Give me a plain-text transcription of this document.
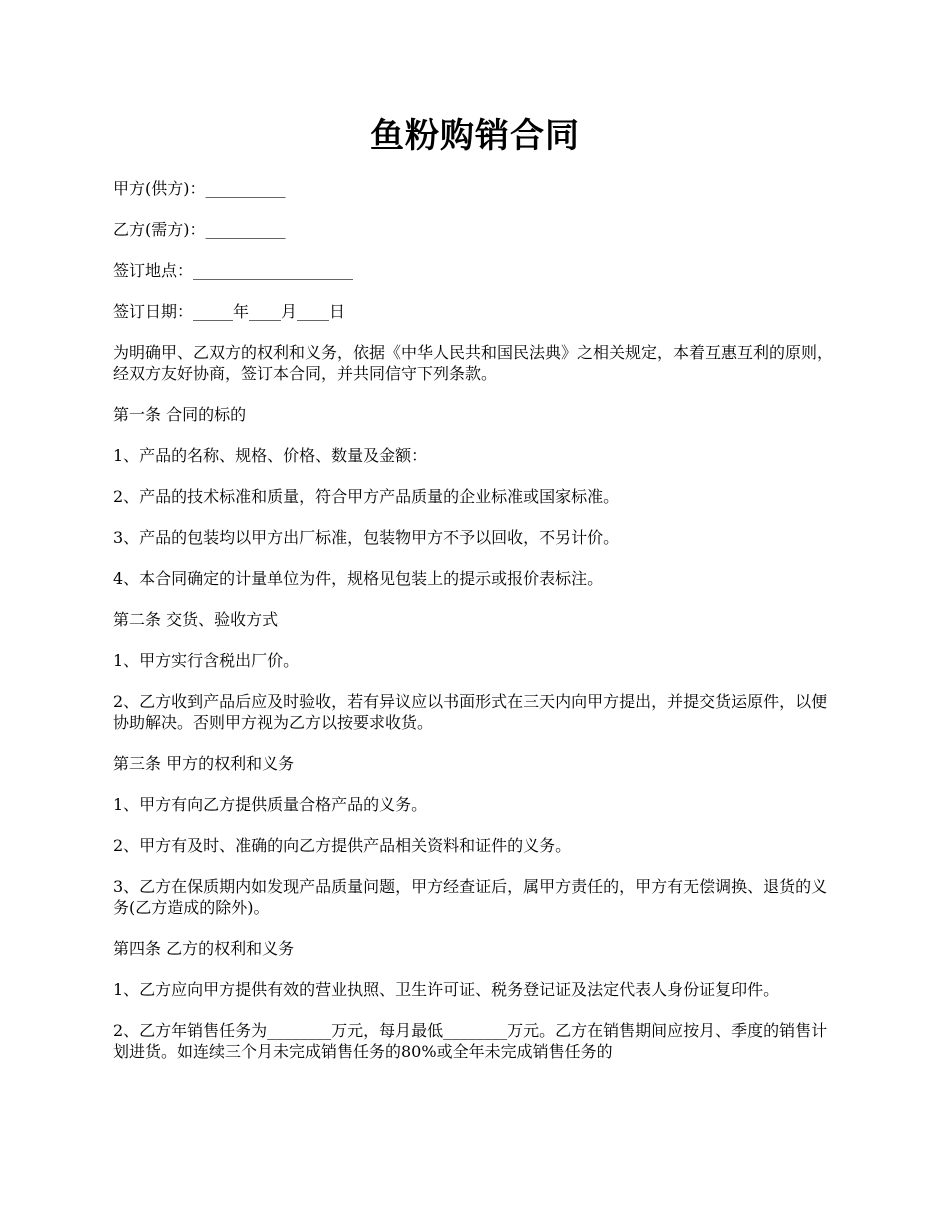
鱼粉购销合同

甲方(供方)：__________

乙方(需方)：__________

签订地点：____________________

签订日期：_____年____月____日

为明确甲、乙双方的权利和义务，依据《中华人民共和国民法典》之相关规定，本着互惠互利的原则，经双方友好协商，签订本合同，并共同信守下列条款。

第一条 合同的标的

1、产品的名称、规格、价格、数量及金额：

2、产品的技术标准和质量，符合甲方产品质量的企业标准或国家标准。

3、产品的包装均以甲方出厂标准，包装物甲方不予以回收，不另计价。

4、本合同确定的计量单位为件，规格见包装上的提示或报价表标注。

第二条 交货、验收方式

1、甲方实行含税出厂价。

2、乙方收到产品后应及时验收，若有异议应以书面形式在三天内向甲方提出，并提交货运原件，以便协助解决。否则甲方视为乙方以按要求收货。

第三条 甲方的权利和义务

1、甲方有向乙方提供质量合格产品的义务。

2、甲方有及时、准确的向乙方提供产品相关资料和证件的义务。

3、乙方在保质期内如发现产品质量问题，甲方经查证后，属甲方责任的，甲方有无偿调换、退货的义务(乙方造成的除外)。

第四条 乙方的权利和义务

1、乙方应向甲方提供有效的营业执照、卫生许可证、税务登记证及法定代表人身份证复印件。

2、乙方年销售任务为________万元，每月最低________万元。乙方在销售期间应按月、季度的销售计划进货。如连续三个月未完成销售任务的80%或全年未完成销售任务的
